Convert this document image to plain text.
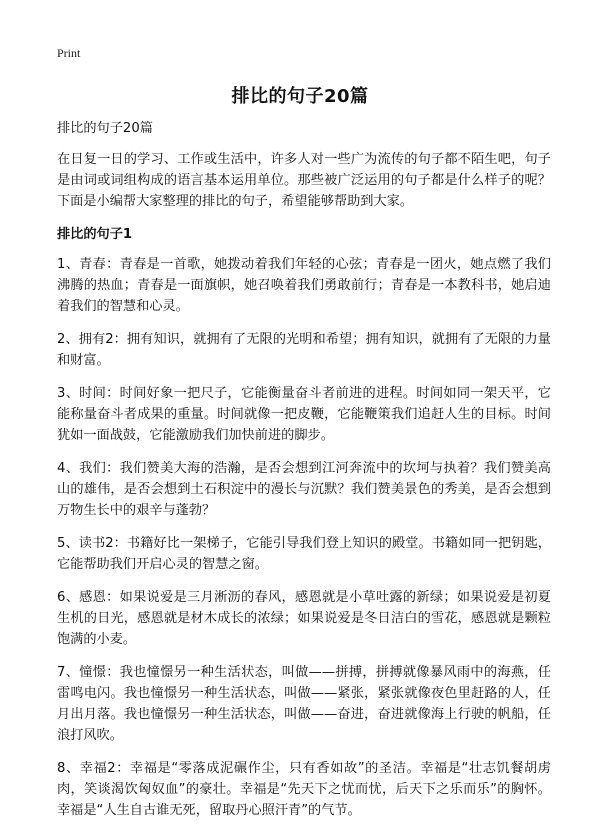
Print
排比的句子20篇

排比的句子20篇

在日复一日的学习、工作或生活中，许多人对一些广为流传的句子都不陌生吧，句子是由词或词组构成的语言基本运用单位。那些被广泛运用的句子都是什么样子的呢？下面是小编帮大家整理的排比的句子，希望能够帮助到大家。

排比的句子1

1、青春：青春是一首歌，她拨动着我们年轻的心弦；青春是一团火，她点燃了我们沸腾的热血；青春是一面旗帜，她召唤着我们勇敢前行；青春是一本教科书，她启迪着我们的智慧和心灵。

2、拥有2：拥有知识，就拥有了无限的光明和希望；拥有知识，就拥有了无限的力量和财富。

3、时间：时间好象一把尺子，它能衡量奋斗者前进的进程。时间如同一架天平，它能称量奋斗者成果的重量。时间就像一把皮鞭，它能鞭策我们追赶人生的目标。时间犹如一面战鼓，它能激励我们加快前进的脚步。

4、我们：我们赞美大海的浩瀚，是否会想到江河奔流中的坎坷与执着？我们赞美高山的雄伟，是否会想到土石积淀中的漫长与沉默？我们赞美景色的秀美，是否会想到万物生长中的艰辛与蓬勃？

5、读书2：书籍好比一架梯子，它能引导我们登上知识的殿堂。书籍如同一把钥匙，它能帮助我们开启心灵的智慧之窗。

6、感恩：如果说爱是三月淅沥的春风，感恩就是小草吐露的新绿；如果说爱是初夏生机的日光，感恩就是材木成长的浓绿；如果说爱是冬日洁白的雪花，感恩就是颗粒饱满的小麦。

7、憧憬：我也憧憬另一种生活状态，叫做——拼搏，拼搏就像暴风雨中的海燕，任雷鸣电闪。我也憧憬另一种生活状态，叫做——紧张，紧张就像夜色里赶路的人，任月出月落。我也憧憬另一种生活状态，叫做——奋进，奋进就像海上行驶的帆船，任浪打风吹。

8、幸福2：幸福是“零落成泥碾作尘，只有香如故”的圣洁。幸福是“壮志饥餐胡虏肉，笑谈渴饮匈奴血”的豪壮。幸福是“先天下之忧而忧，后天下之乐而乐”的胸怀。幸福是“人生自古谁无死，留取丹心照汗青”的气节。
